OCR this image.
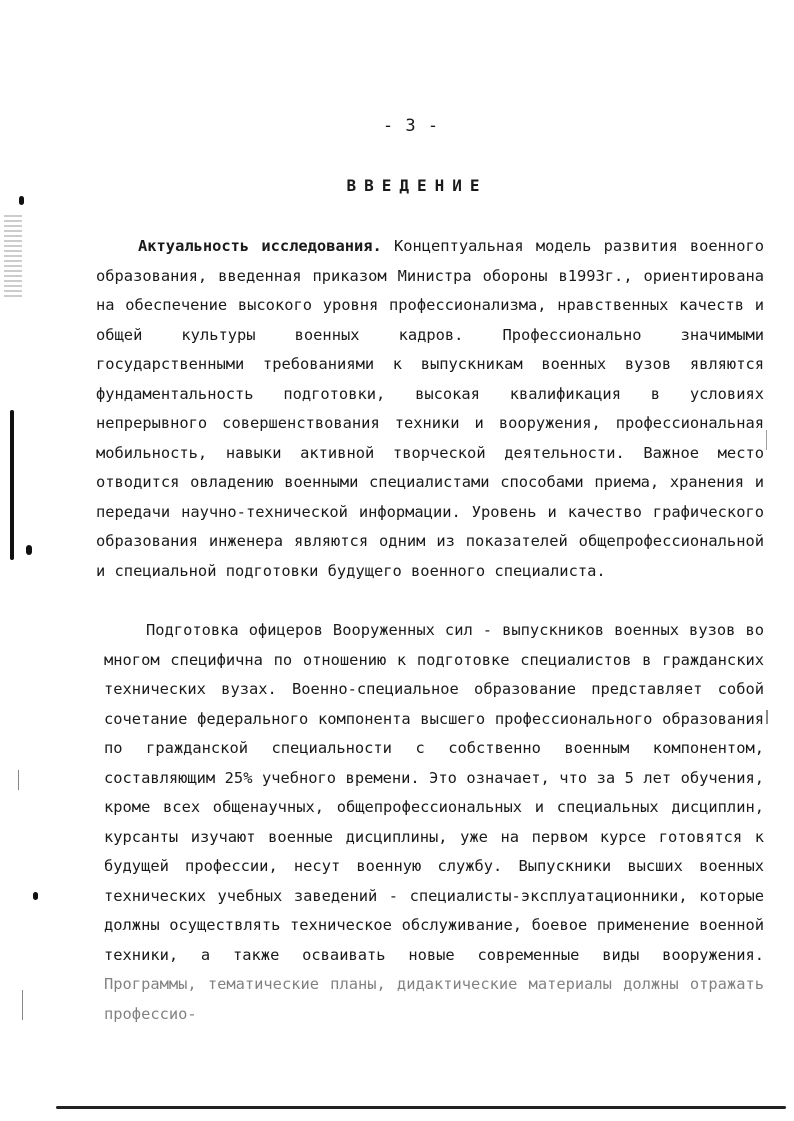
- 3 -
ВВЕДЕНИЕ

Актуальность исследования. Концептуальная модель развития военного образования, введенная приказом Министра обороны в1993г., ориентирована на обеспечение высокого уровня профессионализма, нравственных качеств и общей культуры военных кадров. Профессионально значимыми государственными требованиями к выпускникам военных вузов являются фундаментальность подготовки, высокая квалификация в условиях непрерывного совершенствования техники и вооружения, профессиональная мобильность, навыки активной творческой деятельности. Важное место отводится овладению военными специалистами способами приема, хранения и передачи научно-технической информации. Уровень и качество графического образования инженера являются одним из показателей общепрофессиональной и специальной подготовки будущего военного специалиста.

Подготовка офицеров Вооруженных сил - выпускников военных вузов во многом специфична по отношению к подготовке специалистов в гражданских технических вузах. Военно-специальное образование представляет собой сочетание федерального компонента высшего профессионального образования по гражданской специальности с собственно военным компонентом, составляющим 25% учебного времени. Это означает, что за 5 лет обучения, кроме всех общенаучных, общепрофессиональных и специальных дисциплин, курсанты изучают военные дисциплины, уже на первом курсе готовятся к будущей профессии, несут военную службу. Выпускники высших военных технических учебных заведений - специалисты-эксплуатационники, которые должны осуществлять техническое обслуживание, боевое применение военной техники, а также осваивать новые современные виды вооружения. Программы, тематические планы, дидактические материалы должны отражать профессио-
